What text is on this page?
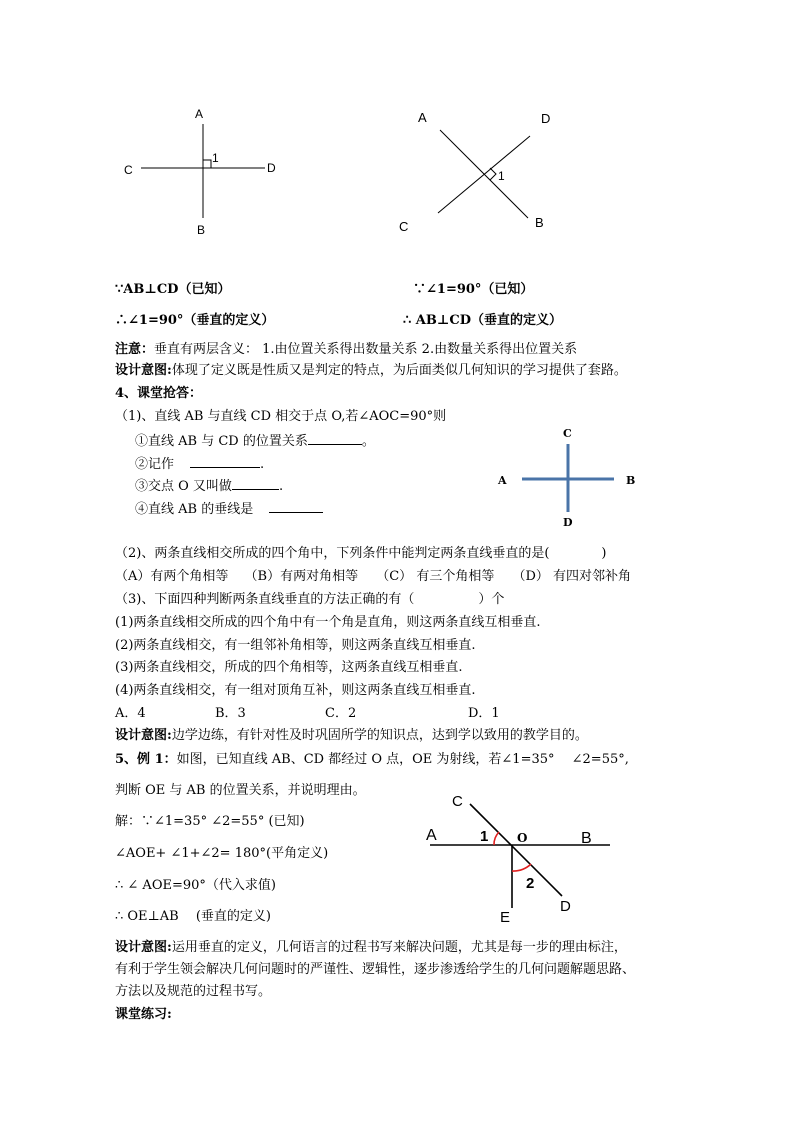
A
B
C	D
1
A
B
C
D
1
∵AB⊥CD（已知）	∵∠1=90°（已知）
∴∠1=90°（垂直的定义）	∴ AB⊥CD（垂直的定义）
注意：垂直有两层含义： 1.由位置关系得出数量关系 2.由数量关系得出位置关系
设计意图:体现了定义既是性质又是判定的特点，为后面类似几何知识的学习提供了套路。
4、课堂抢答：
（1)、直线 AB 与直线 CD 相交于点 O,若∠AOC=90°则
①直线 AB 与 CD 的位置关系	。
②记作	.
③交点 O 又叫做	.
④直线 AB 的垂线是
C
D
A	B
（2)、两条直线相交所成的四个角中，下列条件中能判定两条直线垂直的是(	)
（A）有两个角相等 （B）有两对角相等 （C） 有三个角相等 （D） 有四对邻补角
（3)、下面四种判断两条直线垂直的方法正确的有（	）个
(1)两条直线相交所成的四个角中有一个角是直角，则这两条直线互相垂直.
(2)两条直线相交，有一组邻补角相等，则这两条直线互相垂直.
(3)两条直线相交，所成的四个角相等，这两条直线互相垂直.
(4)两条直线相交，有一组对顶角互补，则这两条直线互相垂直.
A．4	B．3	C．2	D．1
设计意图:边学边练，有针对性及时巩固所学的知识点，达到学以致用的教学目的。
5、例 1：如图，已知直线 AB、CD 都经过 O 点，OE 为射线，若∠1=35°　 ∠2=55°,
判断 OE 与 AB 的位置关系，并说明理由。
解：∵∠1=35° ∠2=55° (已知)
∠AOE+ ∠1+∠2= 180°(平角定义)
∴ ∠ AOE=90°（代入求值)
∴ OE⊥AB　 (垂直的定义)
C
A	B
O
1
2
D
E
设计意图:运用垂直的定义，几何语言的过程书写来解决问题，尤其是每一步的理由标注，
有利于学生领会解决几何问题时的严谨性、逻辑性，逐步渗透给学生的几何问题解题思路、
方法以及规范的过程书写。
课堂练习:
